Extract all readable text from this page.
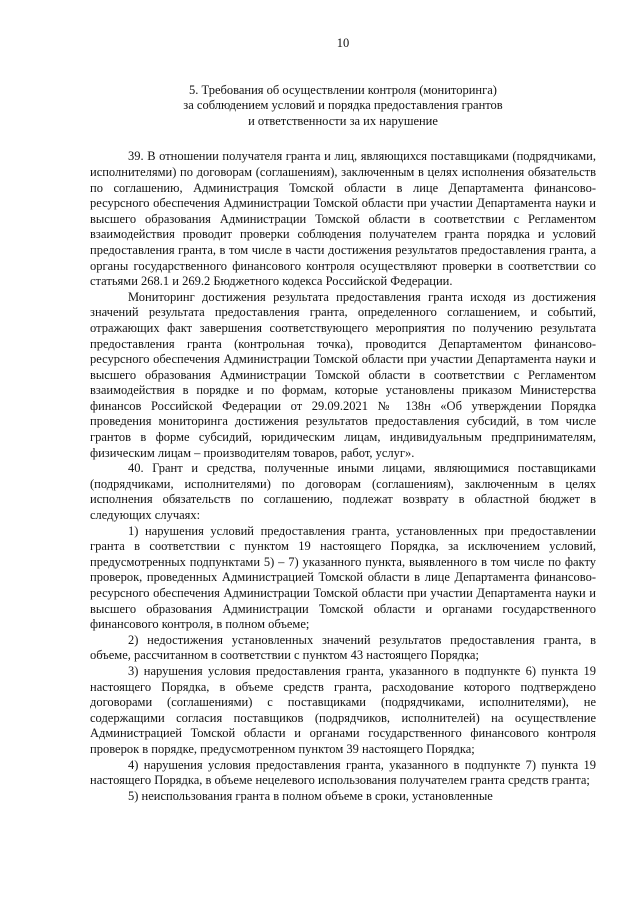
10
5. Требования об осуществлении контроля (мониторинга)
за соблюдением условий и порядка предоставления грантов
и ответственности за их нарушение

39. В отношении получателя гранта и лиц, являющихся поставщиками (подрядчиками, исполнителями) по договорам (соглашениям), заключенным в целях исполнения обязательств по соглашению, Администрация Томской области в лице Департамента финансово-ресурсного обеспечения Администрации Томской области при участии Департамента науки и высшего образования Администрации Томской области в соответствии с Регламентом взаимодействия проводит проверки соблюдения получателем гранта порядка и условий предоставления гранта, в том числе в части достижения результатов предоставления гранта, а органы государственного финансового контроля осуществляют проверки в соответствии со статьями 268.1 и 269.2 Бюджетного кодекса Российской Федерации.

Мониторинг достижения результата предоставления гранта исходя из достижения значений результата предоставления гранта, определенного соглашением, и событий, отражающих факт завершения соответствующего мероприятия по получению результата предоставления гранта (контрольная точка), проводится Департаментом финансово-ресурсного обеспечения Администрации Томской области при участии Департамента науки и высшего образования Администрации Томской области в соответствии с Регламентом взаимодействия в порядке и по формам, которые установлены приказом Министерства финансов Российской Федерации от 29.09.2021 № 138н «Об утверждении Порядка проведения мониторинга достижения результатов предоставления субсидий, в том числе грантов в форме субсидий, юридическим лицам, индивидуальным предпринимателям, физическим лицам – производителям товаров, работ, услуг».

40. Грант и средства, полученные иными лицами, являющимися поставщиками (подрядчиками, исполнителями) по договорам (соглашениям), заключенным в целях исполнения обязательств по соглашению, подлежат возврату в областной бюджет в следующих случаях:

1) нарушения условий предоставления гранта, установленных при предоставлении гранта в соответствии с пунктом 19 настоящего Порядка, за исключением условий, предусмотренных подпунктами 5) – 7) указанного пункта, выявленного в том числе по факту проверок, проведенных Администрацией Томской области в лице Департамента финансово-ресурсного обеспечения Администрации Томской области при участии Департамента науки и высшего образования Администрации Томской области и органами государственного финансового контроля, в полном объеме;

2) недостижения установленных значений результатов предоставления гранта, в объеме, рассчитанном в соответствии с пунктом 43 настоящего Порядка;

3) нарушения условия предоставления гранта, указанного в подпункте 6) пункта 19 настоящего Порядка, в объеме средств гранта, расходование которого подтверждено договорами (соглашениями) с поставщиками (подрядчиками, исполнителями), не содержащими согласия поставщиков (подрядчиков, исполнителей) на осуществление Администрацией Томской области и органами государственного финансового контроля проверок в порядке, предусмотренном пунктом 39 настоящего Порядка;

4) нарушения условия предоставления гранта, указанного в подпункте 7) пункта 19 настоящего Порядка, в объеме нецелевого использования получателем гранта средств гранта;

5) неиспользования гранта в полном объеме в сроки, установленные
